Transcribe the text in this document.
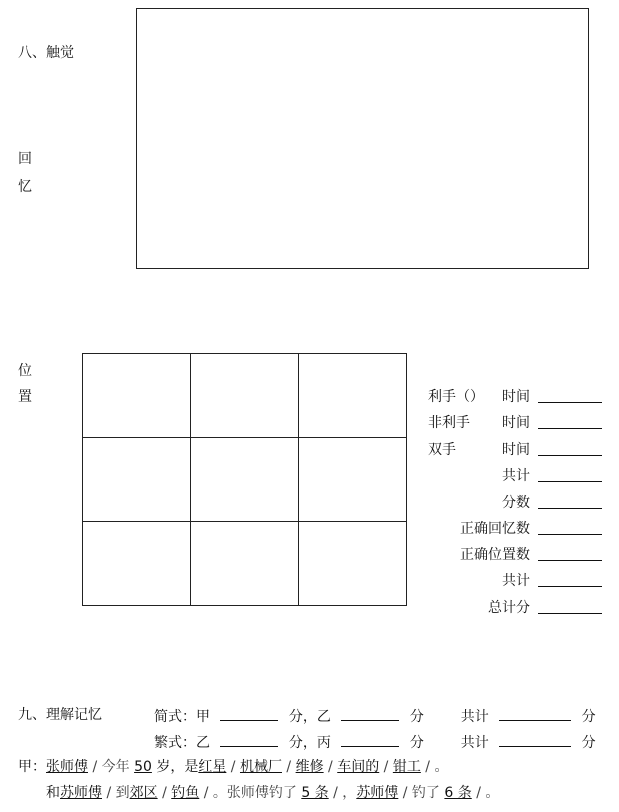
八、触觉
回
忆
位
置

			利手（） 时间
非利手 时间
双手	时间
共计
分数
正确回忆数
正确位置数
共计
总计分
九、理解记忆	简式：甲	分，乙	分	共计	分
繁式：乙	分，丙	分	共计	分
甲：张师傅 / 今年 50 岁，是红星 / 机械厂 / 维修 / 车间的 / 钳工 / 。
和苏师傅 / 到郊区 / 钓鱼 / 。张师傅钓了 5 条 / ，苏师傅 / 钓了 6 条 / 。
